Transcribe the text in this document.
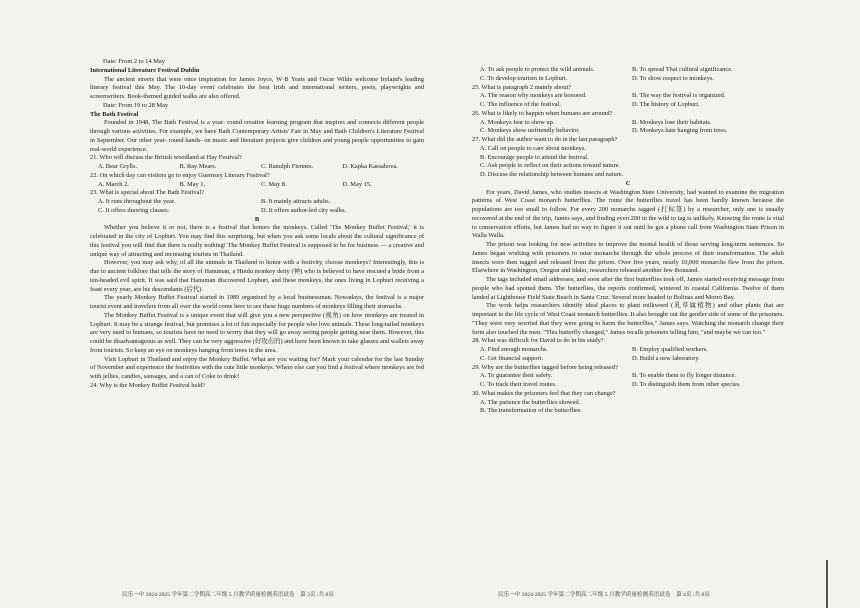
Date: From 2 to 14 May
International Literature Festival Dublin

The ancient streets that were once inspiration for James Joyce, W·B Yeats and Oscar Wilde welcome Ireland's leading literary festival this May. The 10-day event celebrates the best Irish and international writers, poets, playwrights and screenwriters. Book-themed guided walks are also offered.

Date: From 19 to 28 May
The Bath Festival

Founded in 1948, The Bath Festival is a year- round creative learning program that inspires and connects different people through various activities. For example, we have Bath Contemporary Artists' Fair in May and Bath Children's Literature Festival in September. Our other year- round hands- on music and literature projects give children and young people opportunities to gain real-world experience.

21. Who will discuss the British woodland at Hay Festival?
A. Bear Grylls.	B. Ray Mears.	C. Ranulph Fiennes.	D. Kapka Kassabova.
22. On which day can visitors go to enjoy Guernsey Literary Festival?
A. March 2.	B. May 1.	C. May 8.	D. May 15.
23. What is special about The Bath Festival?
A. It runs throughout the year.	B. It mainly attracts adults.
C. It offers drawing classes.	D. It offers author-led city walks.
B

Whether you believe it or not, there is a festival that honors the monkeys. Called 'The Monkey Buffet Festival,' it is celebrated in the city of Lopburi. You may find this surprising, but when you ask some locals about the cultural significance of this festival you will find that there is really nothing! The Monkey Buffet Festival is supposed to be for business — a creative and unique way of attracting and increasing tourists in Thailand.

However, you may ask why, of all the animals in Thailand to honor with a festivity, choose monkeys? Interestingly, this is due to ancient folklore that tells the story of Hanuman, a Hindu monkey deity (神) who is believed to have rescued a bride from a ten-headed evil spirit. It was said that Hanuman discovered Lopburi, and these monkeys, the ones living in Lopburi receiving a feast every year, are his descendants (后代).

The yearly Monkey Buffet Festival started in 1989 organized by a local businessman. Nowadays, the festival is a major tourist event and travelers from all over the world come here to see these huge numbers of monkeys filling their stomachs.

The Monkey Buffet Festival is a unique event that will give you a new perspective (视角) on how monkeys are treated in Lopburi. It may be a strange festival, but promises a lot of fun especially for people who love animals. These long-tailed monkeys are very used to humans, so tourists have no need to worry that they will go away seeing people getting near them. However, this could be disadvantageous as well. They can be very aggressive (好攻击的) and have been known to take glasses and wallets away from tourists. So keep an eye on monkeys hanging from trees in the area.

Visit Lopburi in Thailand and enjoy the Monkey Buffet. What are you waiting for? Mark your calendar for the last Sunday of November and experience the festivities with the cute little monkeys. Where else can you find a festival where monkeys are fed with jellies, candies, sausages, and a can of Coke to drink!

24. Why is the Monkey Buffet Festival held?
A. To ask people to protect the wild animals.	B. To spread Thai cultural significance.
C. To develop tourism in Lopburi.	D. To show respect to monkeys.
25. What is paragraph 2 mainly about?
A. The reason why monkeys are honored.	B. The way the festival is organized.
C. The influence of the festival.	D. The history of Lopburi.
26. What is likely to happen when humans are around?
A. Monkeys fear to show up.	B. Monkeys lose their habitats.
C. Monkeys show unfriendly behavior.	D. Monkeys hate hanging from trees.
27. What did the author want to do in the last paragraph?
A. Call on people to care about monkeys.
B. Encourage people to attend the festival.
C. Ask people to reflect on their actions toward nature.
D. Discuss the relationship between humans and nature.
C

For years, David James, who studies insects at Washington State University, had wanted to examine the migration patterns of West Coast monarch butterflies. The route the butterflies travel has been hardly known because the populations are too small to follow. For every 200 monarchs tagged (打标签) by a researcher, only one is usually recovered at the end of the trip, James says, and finding even 200 in the wild to tag is unlikely. Knowing the route is vital to conservation efforts, but James had no way to figure it out until he got a phone call from Washington State Prison in Walla Walla.

The prison was looking for new activities to improve the mental health of those serving long-term sentences. So James began working with prisoners to raise monarchs through the whole process of their transformation. The adult insects were then tagged and released from the prison. Over five years, nearly 10,000 monarchs flew from the prison. Elsewhere in Washington, Oregon and Idaho, researchers released another few thousand.

The tags included email addresses, and soon after the first butterflies took off, James started receiving message from people who had spotted them. The butterflies, the reports confirmed, wintered in coastal California. Twelve of them landed at Lighthouse Field State Beach in Santa Cruz. Several more headed to Bolinas and Morro Bay.

The work helps researchers identify ideal places to plant milkweed (乳草属植物) and other plants that are important to the life cycle of West Coast monarch butterflies. It also brought out the gentler side of some of the prisoners. "They were very worried that they were going to harm the butterflies," James says. Watching the monarch change their form also touched the men. "This butterfly changed," James recalls prisoners telling him, "and maybe we can too."

28. What was difficult for David to do in his study?
A. Find enough monarchs.	B. Employ qualified workers.
C. Get financial support.	D. Build a new laboratory.
29. Why are the butterflies tagged before being released?
A. To guarantee their safety.	B. To enable them to fly longer distance.
C. To track their travel routes.	D. To distinguish them from other species.
30. What makes the prisoners feel that they can change?
A. The patience the butterflies showed.
B. The transformation of the butterflies.
民乐一中 2024-2025 学年第二学期高二年级 5 月教学质量检测英语试卷　第 3页 /共 8页	民乐一中 2024-2025 学年第二学期高二年级 5 月教学质量检测英语试卷　第 4页 /共 8页
